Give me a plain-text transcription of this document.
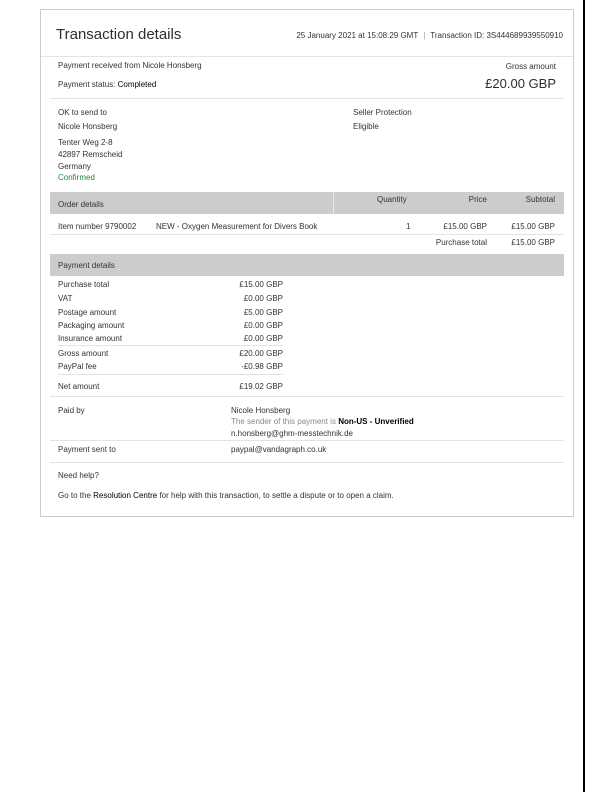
Transaction details	25 January 2021 at 15:08:29 GMT | Transaction ID: 3S444689939550910
Payment received from Nicole Honsberg
Payment status: Completed
Gross amount
£20.00 GBP
OK to send to
Nicole Honsberg
Tenter Weg 2-8
42897 Remscheid
Germany
Confirmed
Seller Protection
Eligible
Order details
Quantity	Price	Subtotal
Item number 9790002 NEW - Oxygen Measurement for Divers Book	1	£15.00 GBP	£15.00 GBP
Purchase total	£15.00 GBP
Payment details
Purchase total	£15.00 GBP
VAT	£0.00 GBP
Postage amount	£5.00 GBP
Packaging amount	£0.00 GBP
Insurance amount	£0.00 GBP
Gross amount	£20.00 GBP
PayPal fee	-£0.98 GBP
Net amount	£19.02 GBP
Paid by	Nicole Honsberg
The sender of this payment is Non-US - Unverified
n.honsberg@ghm-messtechnik.de
Payment sent to	paypal@vandagraph.co.uk
Need help?
Go to the Resolution Centre for help with this transaction, to settle a dispute or to open a claim.
